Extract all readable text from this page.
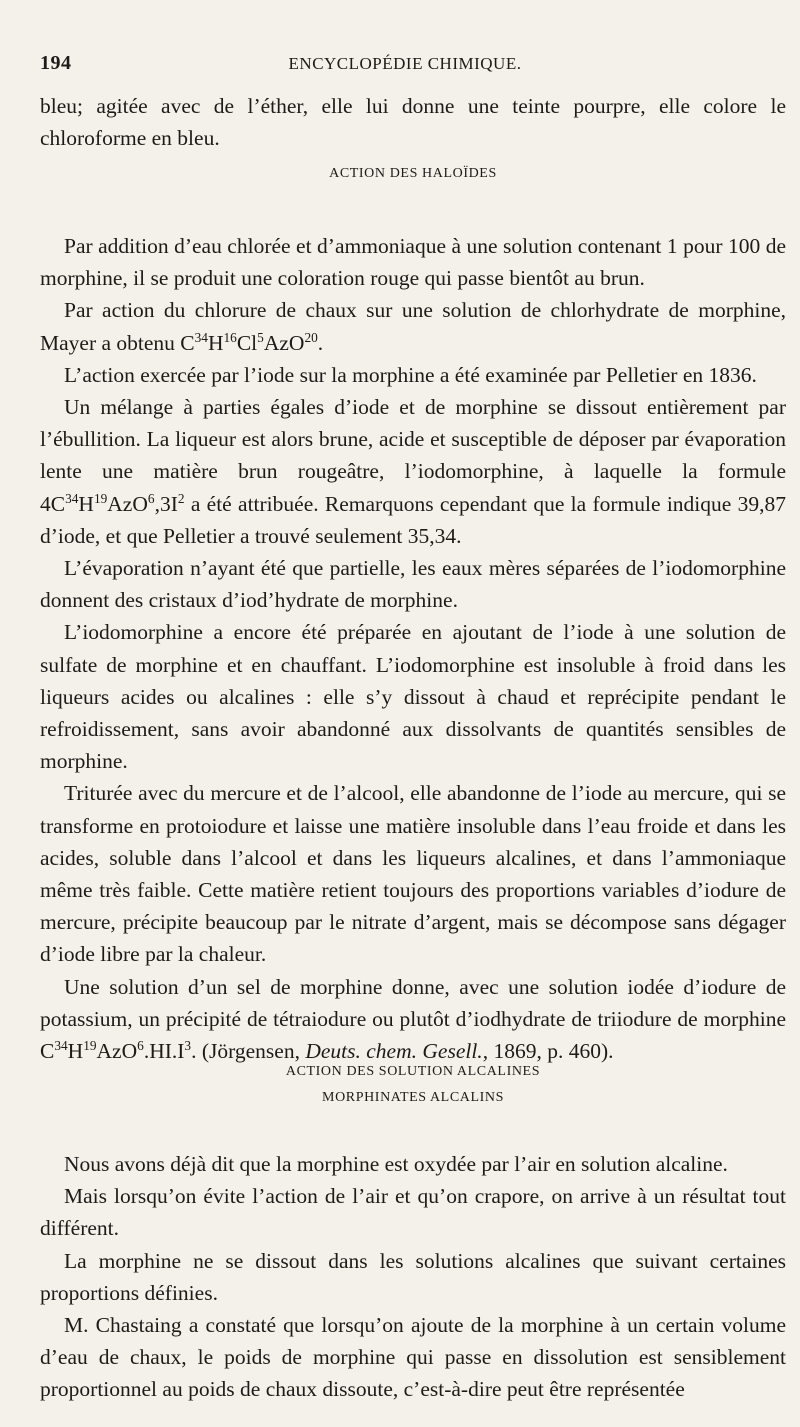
194	ENCYCLOPÉDIE CHIMIQUE.

bleu; agitée avec de l’éther, elle lui donne une teinte pourpre, elle colore le chloroforme en bleu.

ACTION DES HALOÏDES

Par addition d’eau chlorée et d’ammoniaque à une solution contenant 1 pour 100 de morphine, il se produit une coloration rouge qui passe bientôt au brun.

Par action du chlorure de chaux sur une solution de chlorhydrate de morphine, Mayer a obtenu $C^{34}H^{16}Cl^5AzO^{20}$.

L’action exercée par l’iode sur la morphine a été examinée par Pelletier en 1836.

Un mélange à parties égales d’iode et de morphine se dissout entièrement par l’ébullition. La liqueur est alors brune, acide et susceptible de déposer par évaporation lente une matière brun rougeâtre, l’iodomorphine, à laquelle la formule $4C^{34}H^{19}AzO^6,3I^2$ a été attribuée. Remarquons cependant que la formule indique 39,87 d’iode, et que Pelletier a trouvé seulement 35,34.

L’évaporation n’ayant été que partielle, les eaux mères séparées de l’iodomorphine donnent des cristaux d’iod’hydrate de morphine.

L’iodomorphine a encore été préparée en ajoutant de l’iode à une solution de sulfate de morphine et en chauffant. L’iodomorphine est insoluble à froid dans les liqueurs acides ou alcalines : elle s’y dissout à chaud et reprécipite pendant le refroidissement, sans avoir abandonné aux dissolvants de quantités sensibles de morphine.

Triturée avec du mercure et de l’alcool, elle abandonne de l’iode au mercure, qui se transforme en protoiodure et laisse une matière insoluble dans l’eau froide et dans les acides, soluble dans l’alcool et dans les liqueurs alcalines, et dans l’ammoniaque même très faible. Cette matière retient toujours des proportions variables d’iodure de mercure, précipite beaucoup par le nitrate d’argent, mais se décompose sans dégager d’iode libre par la chaleur.

Une solution d’un sel de morphine donne, avec une solution iodée d’iodure de potassium, un précipité de tétraiodure ou plutôt d’iodhydrate de triiodure de morphine $C^{34}H^{19}AzO^6.HI.I^3$. (Jörgensen, Deuts. chem. Gesell., 1869, p. 460).

ACTION DES SOLUTION ALCALINES
MORPHINATES ALCALINS

Nous avons déjà dit que la morphine est oxydée par l’air en solution alcaline.

Mais lorsqu’on évite l’action de l’air et qu’on crapore, on arrive à un résultat tout différent.

La morphine ne se dissout dans les solutions alcalines que suivant certaines proportions définies.

M. Chastaing a constaté que lorsqu’on ajoute de la morphine à un certain volume d’eau de chaux, le poids de morphine qui passe en dissolution est sensiblement proportionnel au poids de chaux dissoute, c’est-à-dire peut être représentée
